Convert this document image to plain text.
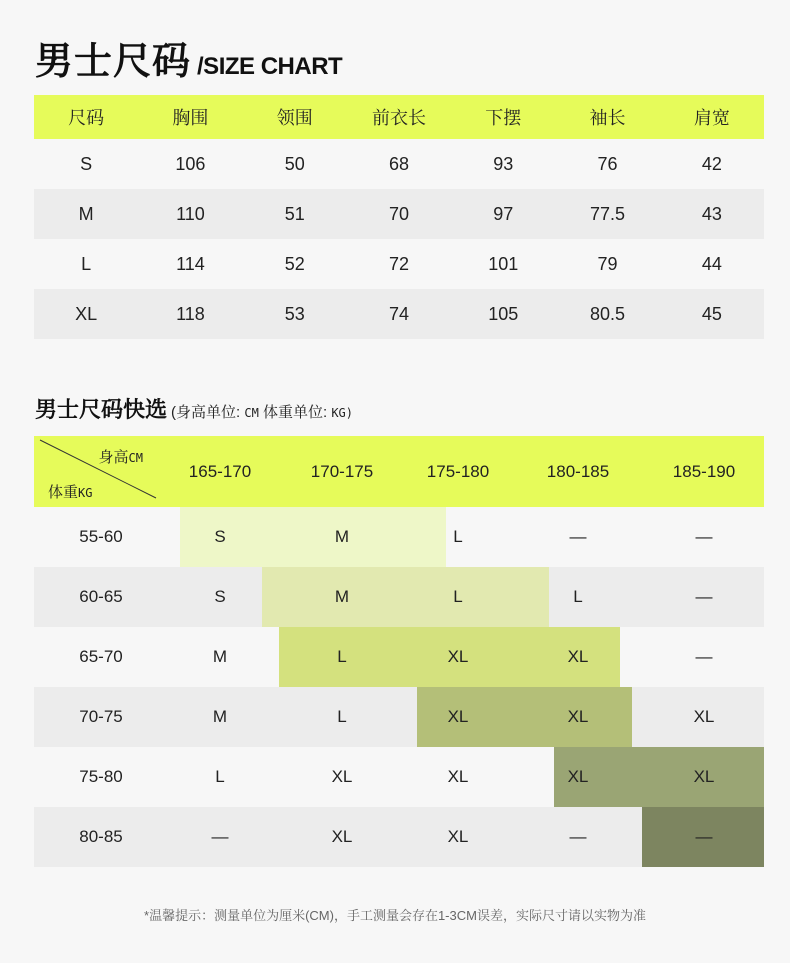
男士尺码 /SIZE CHART
尺码	胸围	领围	前衣长	下摆	袖长	肩宽
S	106	50	68	93	76	42
M	110	51	70	97	77.5	43
L	114	52	72	101	79	44
XL	118	53	74	105	80.5	45
男士尺码快选 (身高单位: CM 体重单位: KG)
身高CM
体重KG
165-170	170-175	175-180	180-185	185-190
55-60	S	M	L	—	—
60-65	S	M	L	L	—
65-70	M	L	XL	XL	—
70-75	M	L	XL	XL	XL
75-80	L	XL	XL	XL	XL
80-85	—	XL	XL	—	—
*温馨提示：测量单位为厘米(CM)，手工测量会存在1-3CM误差，实际尺寸请以实物为准
